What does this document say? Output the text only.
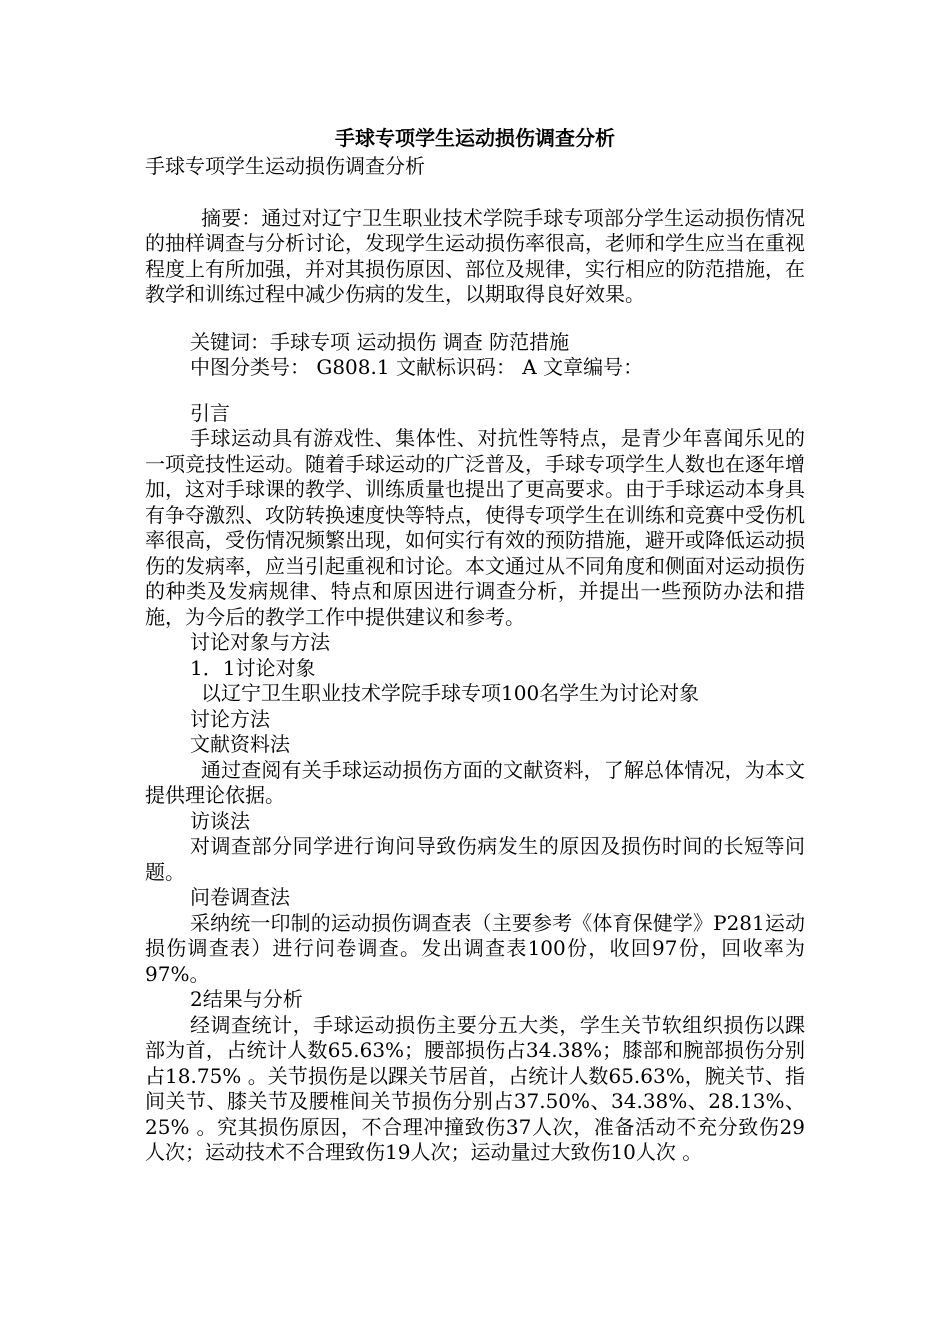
手球专项学生运动损伤调查分析

手球专项学生运动损伤调查分析

摘要：通过对辽宁卫生职业技术学院手球专项部分学生运动损伤情况的抽样调查与分析讨论，发现学生运动损伤率很高，老师和学生应当在重视程度上有所加强，并对其损伤原因、部位及规律，实行相应的防范措施，在教学和训练过程中减少伤病的发生，以期取得良好效果。

关键词：手球专项 运动损伤 调查 防范措施

中图分类号： G808.1 文献标识码： A 文章编号：

引言

手球运动具有游戏性、集体性、对抗性等特点，是青少年喜闻乐见的一项竞技性运动。随着手球运动的广泛普及，手球专项学生人数也在逐年增加，这对手球课的教学、训练质量也提出了更高要求。由于手球运动本身具有争夺激烈、攻防转换速度快等特点，使得专项学生在训练和竞赛中受伤机率很高，受伤情况频繁出现，如何实行有效的预防措施，避开或降低运动损伤的发病率，应当引起重视和讨论。本文通过从不同角度和侧面对运动损伤的种类及发病规律、特点和原因进行调查分析，并提出一些预防办法和措施，为今后的教学工作中提供建议和参考。

讨论对象与方法

1．1讨论对象

以辽宁卫生职业技术学院手球专项100名学生为讨论对象

讨论方法

文献资料法

通过查阅有关手球运动损伤方面的文献资料，了解总体情况，为本文提供理论依据。

访谈法

对调查部分同学进行询问导致伤病发生的原因及损伤时间的长短等问题。

问卷调查法

采纳统一印制的运动损伤调查表（主要参考《体育保健学》P281运动损伤调查表）进行问卷调查。发出调查表100份，收回97份，回收率为97%。

2结果与分析

经调查统计，手球运动损伤主要分五大类，学生关节软组织损伤以踝部为首，占统计人数65.63%；腰部损伤占34.38%；膝部和腕部损伤分别占18.75% 。关节损伤是以踝关节居首，占统计人数65.63%，腕关节、指间关节、膝关节及腰椎间关节损伤分别占37.50%、34.38%、28.13%、25% 。究其损伤原因，不合理冲撞致伤37人次，准备活动不充分致伤29人次；运动技术不合理致伤19人次；运动量过大致伤10人次 。
